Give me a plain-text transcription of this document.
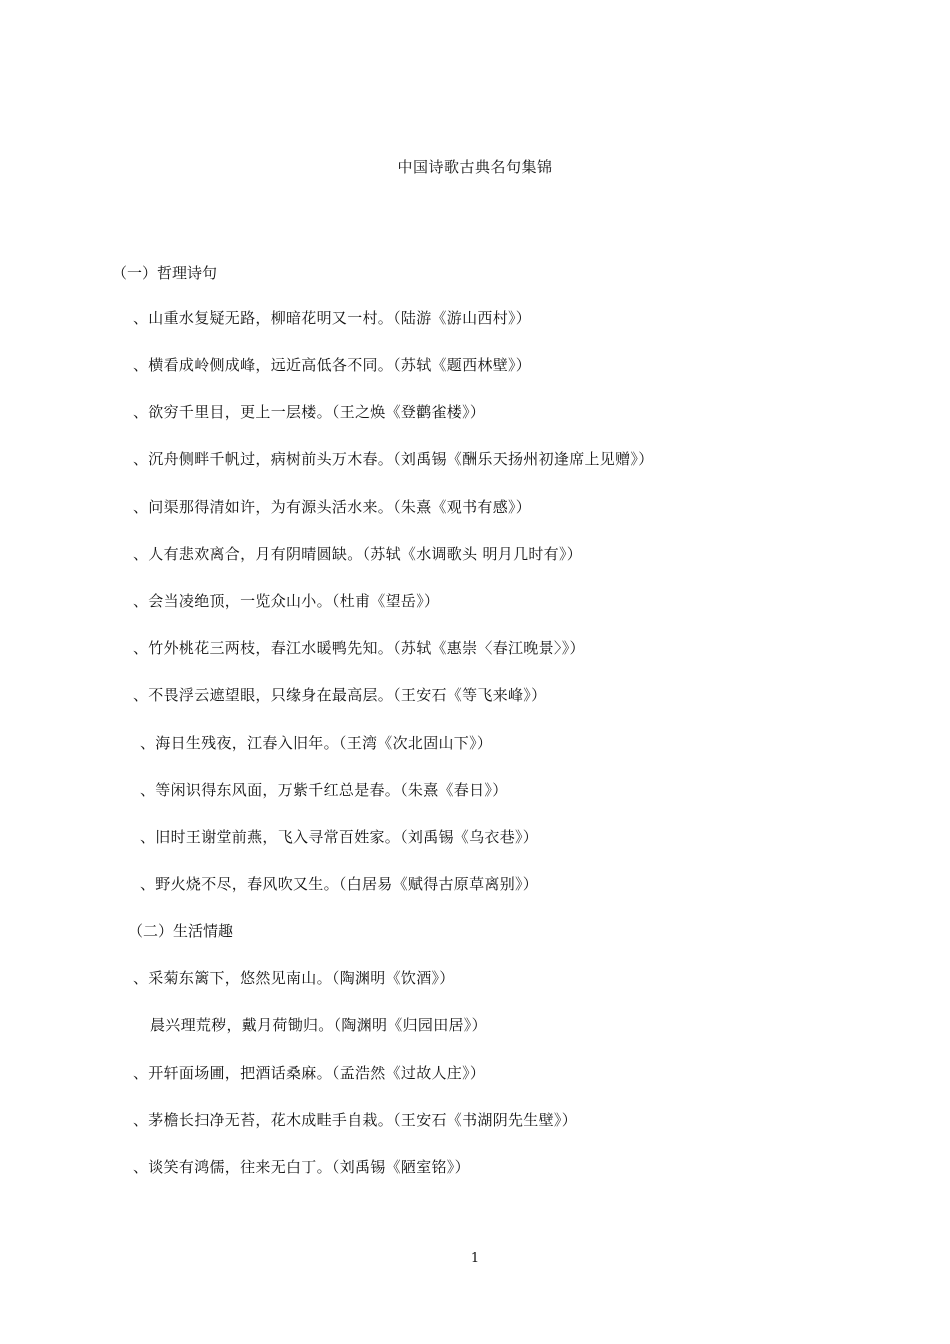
中国诗歌古典名句集锦
（一）哲理诗句
、山重水复疑无路，柳暗花明又一村。（陆游《游山西村》）
、横看成岭侧成峰，远近高低各不同。（苏轼《题西林壁》）
、欲穷千里目，更上一层楼。（王之焕《登鹳雀楼》）
、沉舟侧畔千帆过，病树前头万木春。（刘禹锡《酬乐天扬州初逢席上见赠》）
、问渠那得清如许，为有源头活水来。（朱熹《观书有感》）
、人有悲欢离合，月有阴晴圆缺。（苏轼《水调歌头 明月几时有》）
、会当凌绝顶，一览众山小。（杜甫《望岳》）
、竹外桃花三两枝，春江水暖鸭先知。（苏轼《惠崇〈春江晚景〉》）
、不畏浮云遮望眼，只缘身在最高层。（王安石《等飞来峰》）
、海日生残夜，江春入旧年。（王湾《次北固山下》）
、等闲识得东风面，万紫千红总是春。（朱熹《春日》）
、旧时王谢堂前燕，飞入寻常百姓家。（刘禹锡《乌衣巷》）
、野火烧不尽，春风吹又生。（白居易《赋得古原草离别》）
（二）生活情趣
、采菊东篱下，悠然见南山。（陶渊明《饮酒》）
晨兴理荒秽，戴月荷锄归。（陶渊明《归园田居》）
、开轩面场圃，把酒话桑麻。（孟浩然《过故人庄》）
、茅檐长扫净无苔，花木成畦手自栽。（王安石《书湖阴先生壁》）
、谈笑有鸿儒，往来无白丁。（刘禹锡《陋室铭》）
1
